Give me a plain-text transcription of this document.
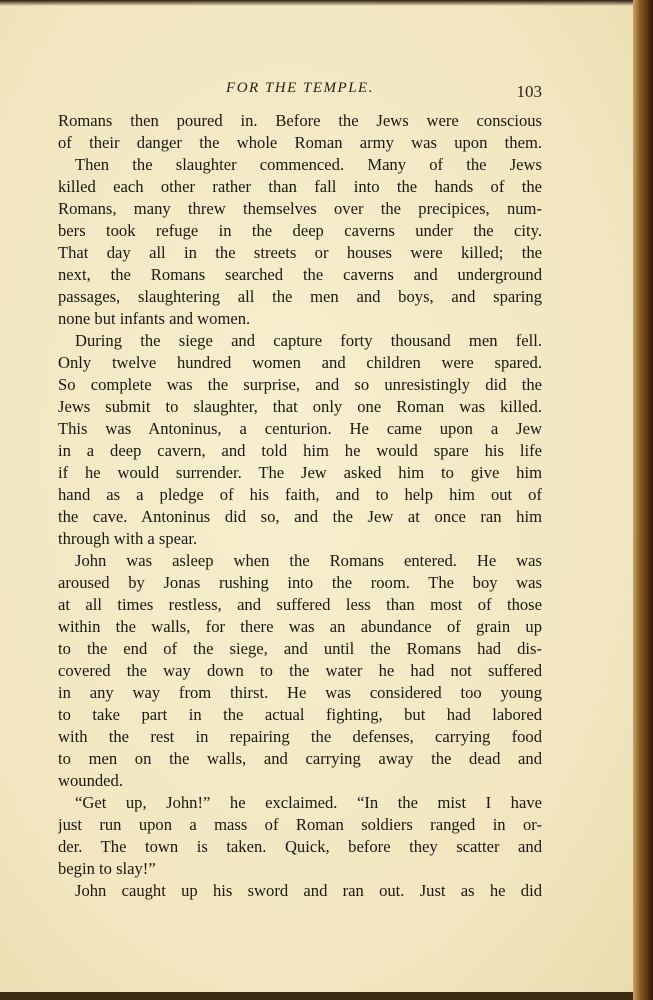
FOR THE TEMPLE.	103
Romans then poured in. Before the Jews were conscious
of their danger the whole Roman army was upon them.
Then the slaughter commenced. Many of the Jews
killed each other rather than fall into the hands of the
Romans, many threw themselves over the precipices, num-
bers took refuge in the deep caverns under the city.
That day all in the streets or houses were killed; the
next, the Romans searched the caverns and underground
passages, slaughtering all the men and boys, and sparing
none but infants and women.
During the siege and capture forty thousand men fell.
Only twelve hundred women and children were spared.
So complete was the surprise, and so unresistingly did the
Jews submit to slaughter, that only one Roman was killed.
This was Antoninus, a centurion. He came upon a Jew
in a deep cavern, and told him he would spare his life
if he would surrender. The Jew asked him to give him
hand as a pledge of his faith, and to help him out of
the cave. Antoninus did so, and the Jew at once ran him
through with a spear.
John was asleep when the Romans entered. He was
aroused by Jonas rushing into the room. The boy was
at all times restless, and suffered less than most of those
within the walls, for there was an abundance of grain up
to the end of the siege, and until the Romans had dis-
covered the way down to the water he had not suffered
in any way from thirst. He was considered too young
to take part in the actual fighting, but had labored
with the rest in repairing the defenses, carrying food
to men on the walls, and carrying away the dead and
wounded.
“Get up, John!” he exclaimed. “In the mist I have
just run upon a mass of Roman soldiers ranged in or-
der. The town is taken. Quick, before they scatter and
begin to slay!”
John caught up his sword and ran out. Just as he did
